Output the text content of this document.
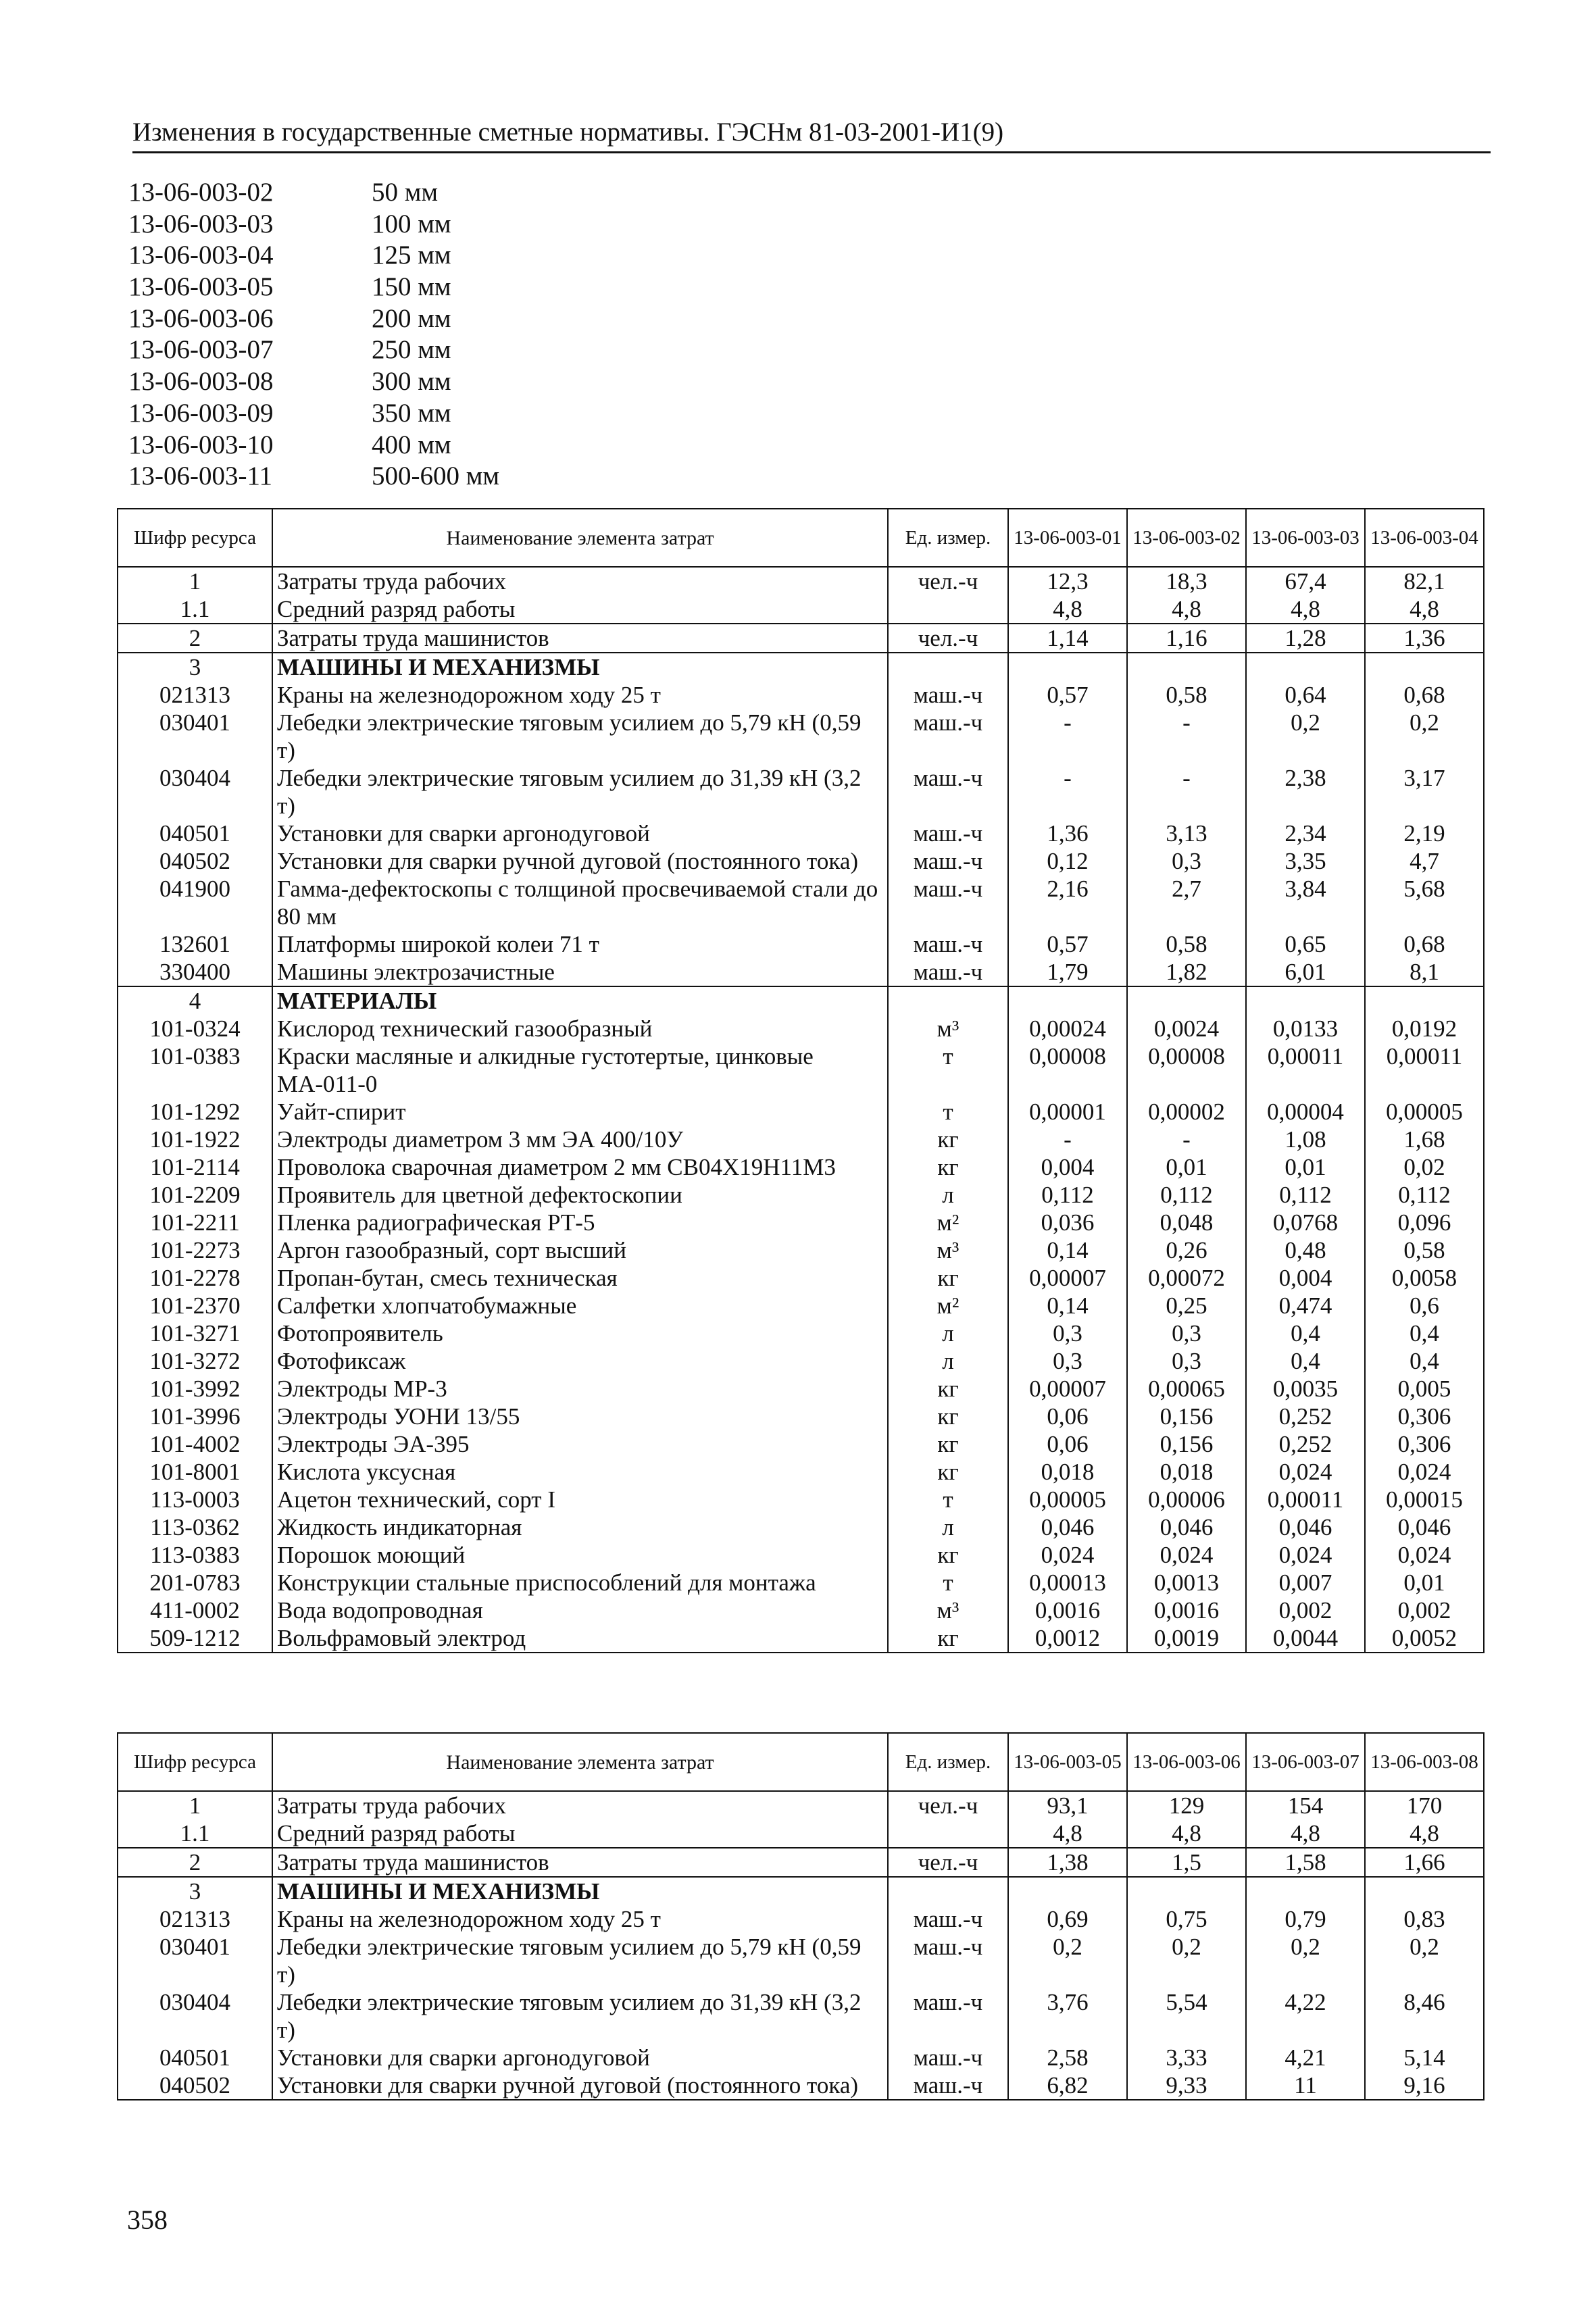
Изменения в государственные сметные нормативы. ГЭСНм 81-03-2001-И1(9)
13-06-003-02	50 мм
13-06-003-03	100 мм
13-06-003-04	125 мм
13-06-003-05	150 мм
13-06-003-06	200 мм
13-06-003-07	250 мм
13-06-003-08	300 мм
13-06-003-09	350 мм
13-06-003-10	400 мм
13-06-003-11	500-600 мм
Шифр ресурса	Наименование элемента затрат	Ед. измер.	13-06-003-01	13-06-003-02	13-06-003-03	13-06-003-04
1	Затраты труда рабочих	чел.-ч	12,3	18,3	67,4	82,1
1.1	Средний разряд работы		4,8	4,8	4,8	4,8
2	Затраты труда машинистов	чел.-ч	1,14	1,16	1,28	1,36
3	МАШИНЫ И МЕХАНИЗМЫ					
021313	Краны на железнодорожном ходу 25 т	маш.-ч	0,57	0,58	0,64	0,68
030401	Лебедки электрические тяговым усилием до 5,79 кН (0,59 т)	маш.-ч	-	-	0,2	0,2
030404	Лебедки электрические тяговым усилием до 31,39 кН (3,2 т)	маш.-ч	-	-	2,38	3,17
040501	Установки для сварки аргонодуговой	маш.-ч	1,36	3,13	2,34	2,19
040502	Установки для сварки ручной дуговой (постоянного тока)	маш.-ч	0,12	0,3	3,35	4,7
041900	Гамма-дефектоскопы с толщиной просвечиваемой стали до 80 мм	маш.-ч	2,16	2,7	3,84	5,68
132601	Платформы широкой колеи 71 т	маш.-ч	0,57	0,58	0,65	0,68
330400	Машины электрозачистные	маш.-ч	1,79	1,82	6,01	8,1
4	МАТЕРИАЛЫ					
101-0324	Кислород технический газообразный	м³	0,00024	0,0024	0,0133	0,0192
101-0383	Краски масляные и алкидные густотертые, цинковые МА-011-0	т	0,00008	0,00008	0,00011	0,00011
101-1292	Уайт-спирит	т	0,00001	0,00002	0,00004	0,00005
101-1922	Электроды диаметром 3 мм ЭА 400/10У	кг	-	-	1,08	1,68
101-2114	Проволока сварочная диаметром 2 мм СВ04Х19Н11М3	кг	0,004	0,01	0,01	0,02
101-2209	Проявитель для цветной дефектоскопии	л	0,112	0,112	0,112	0,112
101-2211	Пленка радиографическая РТ-5	м²	0,036	0,048	0,0768	0,096
101-2273	Аргон газообразный, сорт высший	м³	0,14	0,26	0,48	0,58
101-2278	Пропан-бутан, смесь техническая	кг	0,00007	0,00072	0,004	0,0058
101-2370	Салфетки хлопчатобумажные	м²	0,14	0,25	0,474	0,6
101-3271	Фотопроявитель	л	0,3	0,3	0,4	0,4
101-3272	Фотофиксаж	л	0,3	0,3	0,4	0,4
101-3992	Электроды МР-3	кг	0,00007	0,00065	0,0035	0,005
101-3996	Электроды УОНИ 13/55	кг	0,06	0,156	0,252	0,306
101-4002	Электроды ЭА-395	кг	0,06	0,156	0,252	0,306
101-8001	Кислота уксусная	кг	0,018	0,018	0,024	0,024
113-0003	Ацетон технический, сорт I	т	0,00005	0,00006	0,00011	0,00015
113-0362	Жидкость индикаторная	л	0,046	0,046	0,046	0,046
113-0383	Порошок моющий	кг	0,024	0,024	0,024	0,024
201-0783	Конструкции стальные приспособлений для монтажа	т	0,00013	0,0013	0,007	0,01
411-0002	Вода водопроводная	м³	0,0016	0,0016	0,002	0,002
509-1212	Вольфрамовый электрод	кг	0,0012	0,0019	0,0044	0,0052
Шифр ресурса	Наименование элемента затрат	Ед. измер.	13-06-003-05	13-06-003-06	13-06-003-07	13-06-003-08
1	Затраты труда рабочих	чел.-ч	93,1	129	154	170
1.1	Средний разряд работы		4,8	4,8	4,8	4,8
2	Затраты труда машинистов	чел.-ч	1,38	1,5	1,58	1,66
3	МАШИНЫ И МЕХАНИЗМЫ					
021313	Краны на железнодорожном ходу 25 т	маш.-ч	0,69	0,75	0,79	0,83
030401	Лебедки электрические тяговым усилием до 5,79 кН (0,59 т)	маш.-ч	0,2	0,2	0,2	0,2
030404	Лебедки электрические тяговым усилием до 31,39 кН (3,2 т)	маш.-ч	3,76	5,54	4,22	8,46
040501	Установки для сварки аргонодуговой	маш.-ч	2,58	3,33	4,21	5,14
040502	Установки для сварки ручной дуговой (постоянного тока)	маш.-ч	6,82	9,33	11	9,16
358
